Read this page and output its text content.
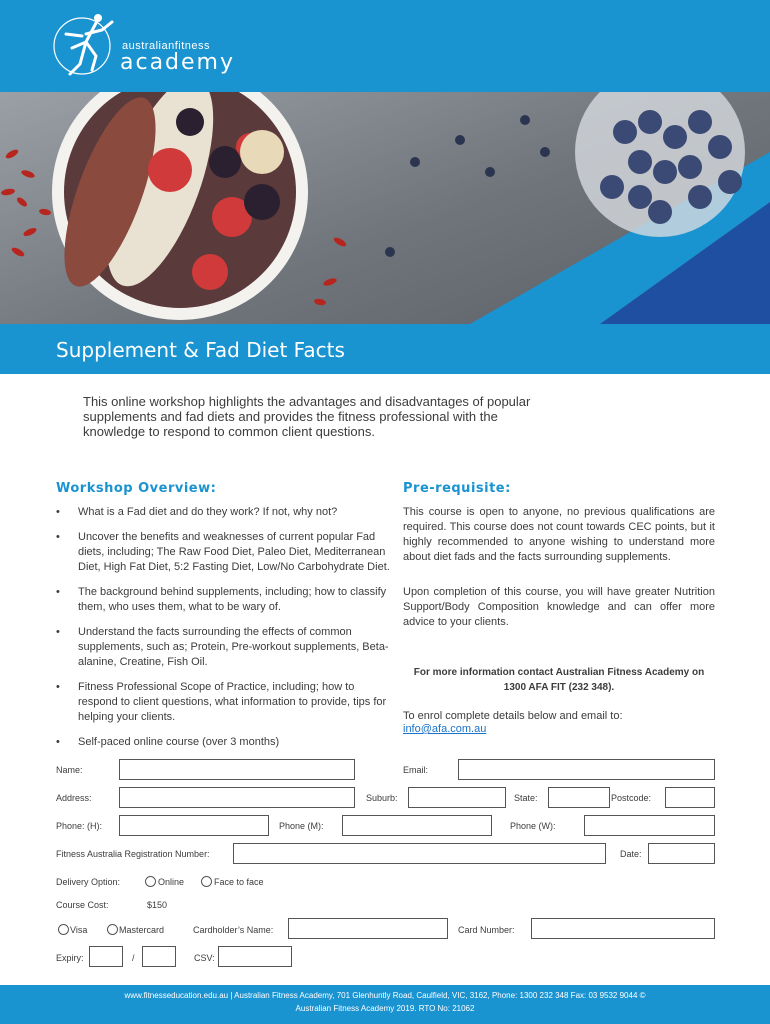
australianfitness
academy
Supplement & Fad Diet Facts
This online workshop highlights the advantages and disadvantages of popular supplements and fad diets and provides the fitness professional with the knowledge to respond to common client questions.
Workshop Overview:
• What is a Fad diet and do they work? If not, why not?
• Uncover the benefits and weaknesses of current popular Fad diets, including; The Raw Food Diet, Paleo Diet, Mediterranean Diet, High Fat Diet, 5:2 Fasting Diet, Low/No Carbohydrate Diet.
• The background behind supplements, including; how to classify them, who uses them, what to be wary of.
• Understand the facts surrounding the effects of common supplements, such as; Protein, Pre-workout supplements, Beta- alanine, Creatine, Fish Oil.
• Fitness Professional Scope of Practice, including; how to respond to client questions, what information to provide, tips for helping your clients.
• Self-paced online course (over 3 months)
Pre-requisite:
This course is open to anyone, no previous qualifications are required. This course does not count towards CEC points, but it highly recommended to anyone wishing to understand more about diet fads and the facts surrounding supplements.
Upon completion of this course, you will have greater Nutrition Support/Body Composition knowledge and can offer more advice to your clients.
For more information contact Australian Fitness Academy on 1300 AFA FIT (232 348).
To enrol complete details below and email to:
info@afa.com.au
Name:	Email:
Address:	Suburb:	State:	Postcode:
Phone: (H):	Phone (M):	Phone (W):
Fitness Australia Registration Number:	Date:
Delivery Option:	Online	Face to face
Course Cost:	$150
Visa	Mastercard	Cardholder’s Name:	Card Number:
Expiry:	/	CSV:
www.fitnesseducation.edu.au | Australian Fitness Academy, 701 Glenhuntly Road, Caulfield, VIC, 3162, Phone: 1300 232 348 Fax: 03 9532 9044 ©
Australian Fitness Academy 2019. RTO No: 21062
